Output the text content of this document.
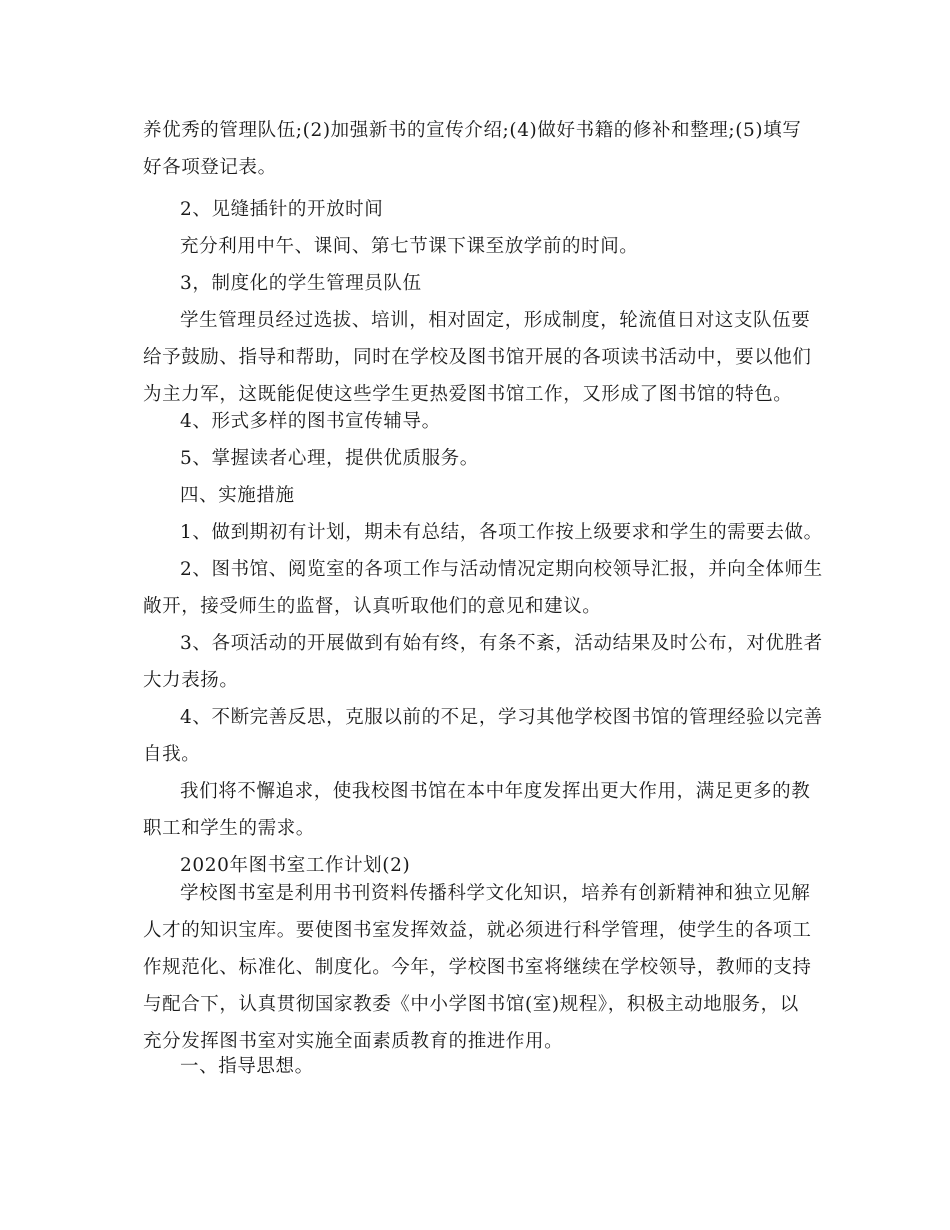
养优秀的管理队伍;(2)加强新书的宣传介绍;(4)做好书籍的修补和整理;(5)填写
好各项登记表。

2、见缝插针的开放时间

充分利用中午、课间、第七节课下课至放学前的时间。

3，制度化的学生管理员队伍

学生管理员经过选拔、培训，相对固定，形成制度，轮流值日对这支队伍要
给予鼓励、指导和帮助，同时在学校及图书馆开展的各项读书活动中，要以他们
为主力军，这既能促使这些学生更热爱图书馆工作，又形成了图书馆的特色。

4、形式多样的图书宣传辅导。

5、掌握读者心理，提供优质服务。

四、实施措施

1、做到期初有计划，期未有总结，各项工作按上级要求和学生的需要去做。

2、图书馆、阅览室的各项工作与活动情况定期向校领导汇报，并向全体师生
敞开，接受师生的监督，认真听取他们的意见和建议。

3、各项活动的开展做到有始有终，有条不紊，活动结果及时公布，对优胜者
大力表扬。

4、不断完善反思，克服以前的不足，学习其他学校图书馆的管理经验以完善
自我。

我们将不懈追求，使我校图书馆在本中年度发挥出更大作用，满足更多的教
职工和学生的需求。

2020年图书室工作计划(2)

学校图书室是利用书刊资料传播科学文化知识，培养有创新精神和独立见解
人才的知识宝库。要使图书室发挥效益，就必须进行科学管理，使学生的各项工
作规范化、标准化、制度化。今年，学校图书室将继续在学校领导，教师的支持
与配合下，认真贯彻国家教委《中小学图书馆(室)规程》，积极主动地服务，以
充分发挥图书室对实施全面素质教育的推进作用。

一、指导思想。
